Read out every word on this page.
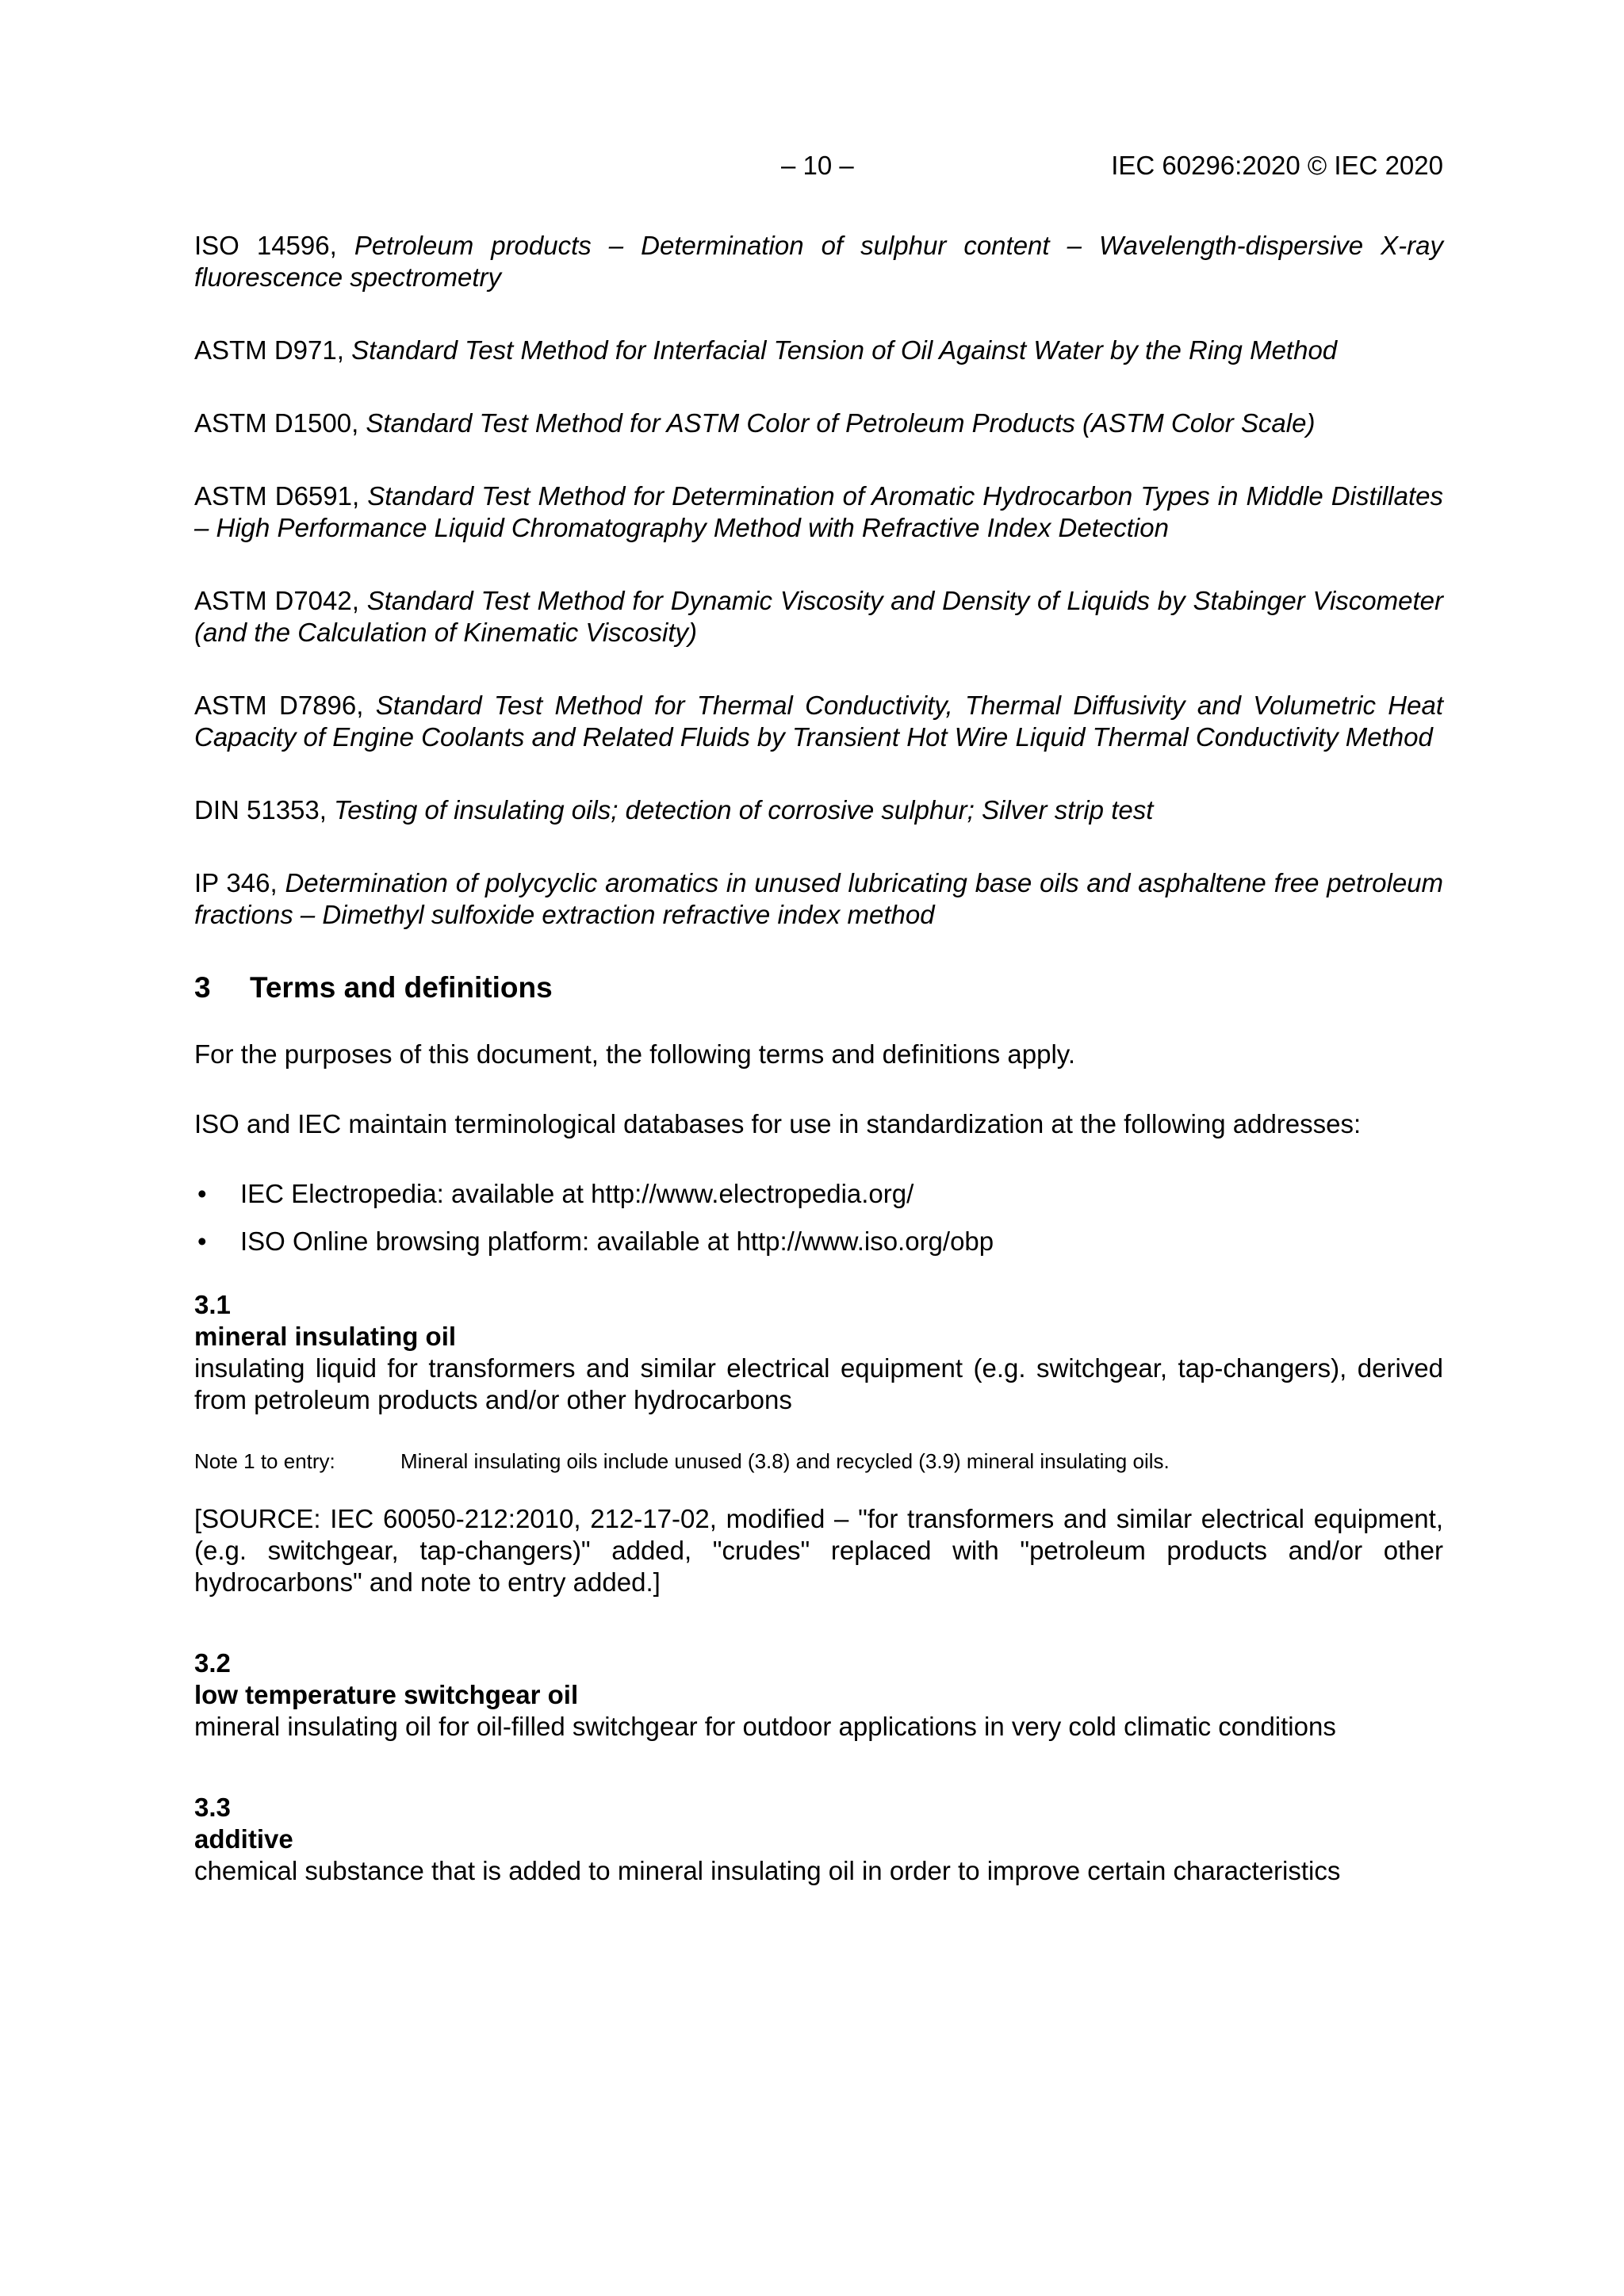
– 10 –	IEC 60296:2020 © IEC 2020

ISO 14596, Petroleum products – Determination of sulphur content – Wavelength-dispersive X-ray fluorescence spectrometry

ASTM D971, Standard Test Method for Interfacial Tension of Oil Against Water by the Ring Method

ASTM D1500, Standard Test Method for ASTM Color of Petroleum Products (ASTM Color Scale)

ASTM D6591, Standard Test Method for Determination of Aromatic Hydrocarbon Types in Middle Distillates – High Performance Liquid Chromatography Method with Refractive Index Detection

ASTM D7042, Standard Test Method for Dynamic Viscosity and Density of Liquids by Stabinger Viscometer (and the Calculation of Kinematic Viscosity)

ASTM D7896, Standard Test Method for Thermal Conductivity, Thermal Diffusivity and Volumetric Heat Capacity of Engine Coolants and Related Fluids by Transient Hot Wire Liquid Thermal Conductivity Method

DIN 51353, Testing of insulating oils; detection of corrosive sulphur; Silver strip test

IP 346, Determination of polycyclic aromatics in unused lubricating base oils and asphaltene free petroleum fractions – Dimethyl sulfoxide extraction refractive index method

3 Terms and definitions

For the purposes of this document, the following terms and definitions apply.

ISO and IEC maintain terminological databases for use in standardization at the following addresses:

• IEC Electropedia: available at http://www.electropedia.org/
• ISO Online browsing platform: available at http://www.iso.org/obp

3.1

mineral insulating oil

insulating liquid for transformers and similar electrical equipment (e.g. switchgear, tap-changers), derived from petroleum products and/or other hydrocarbons

Note 1 to entry:	Mineral insulating oils include unused (3.8) and recycled (3.9) mineral insulating oils.

[SOURCE: IEC 60050-212:2010, 212-17-02, modified – "for transformers and similar electrical equipment, (e.g. switchgear, tap-changers)" added, "crudes" replaced with "petroleum products and/or other hydrocarbons" and note to entry added.]

3.2

low temperature switchgear oil

mineral insulating oil for oil-filled switchgear for outdoor applications in very cold climatic conditions

3.3

additive

chemical substance that is added to mineral insulating oil in order to improve certain characteristics
